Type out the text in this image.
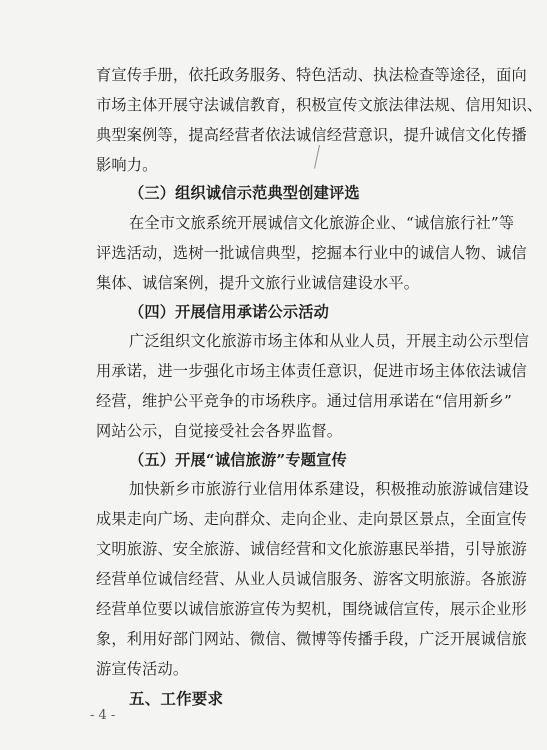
育宣传手册，依托政务服务、特色活动、执法检查等途径，面向
市场主体开展守法诚信教育，积极宣传文旅法律法规、信用知识、
典型案例等，提高经营者依法诚信经营意识，提升诚信文化传播
影响力。
（三）组织诚信示范典型创建评选
在全市文旅系统开展诚信文化旅游企业、“诚信旅行社”等
评选活动，选树一批诚信典型，挖掘本行业中的诚信人物、诚信
集体、诚信案例，提升文旅行业诚信建设水平。
（四）开展信用承诺公示活动
广泛组织文化旅游市场主体和从业人员，开展主动公示型信
用承诺，进一步强化市场主体责任意识，促进市场主体依法诚信
经营，维护公平竞争的市场秩序。通过信用承诺在“信用新乡”
网站公示，自觉接受社会各界监督。
（五）开展“诚信旅游”专题宣传
加快新乡市旅游行业信用体系建设，积极推动旅游诚信建设
成果走向广场、走向群众、走向企业、走向景区景点，全面宣传
文明旅游、安全旅游、诚信经营和文化旅游惠民举措，引导旅游
经营单位诚信经营、从业人员诚信服务、游客文明旅游。各旅游
经营单位要以诚信旅游宣传为契机，围绕诚信宣传，展示企业形
象，利用好部门网站、微信、微博等传播手段，广泛开展诚信旅
游宣传活动。
五、工作要求
- 4 -
